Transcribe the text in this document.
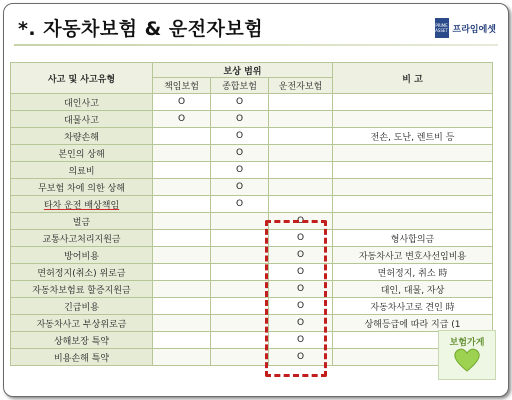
*. 자동차보험 & 운전자보험	PRIME ASSET 프라임에셋
사고 및 사고유형	보상 범위			비 고
	책임보험	종합보험	운전자보험	
대인사고	O	O		
대물사고	O	O		
차량손해		O		전손, 도난, 렌트비 등
본인의 상해		O		
의료비		O		
무보험 차에 의한 상해		O		
타차 운전 배상책임		O		
벌금			O	
교통사고처리지원금			O	형사합의금
방어비용			O	자동차사고 변호사선임비용
면허정지(취소) 위로금			O	면허정지, 취소 時
자동차보험료 할증지원금			O	대인, 대물, 자상
긴급비용			O	자동차사고로 견인 時
자동차사고 부상위로금			O	상해등급에 따라 지급 (1
상해보장 특약			O	
비용손해 특약			O	
보험가게
